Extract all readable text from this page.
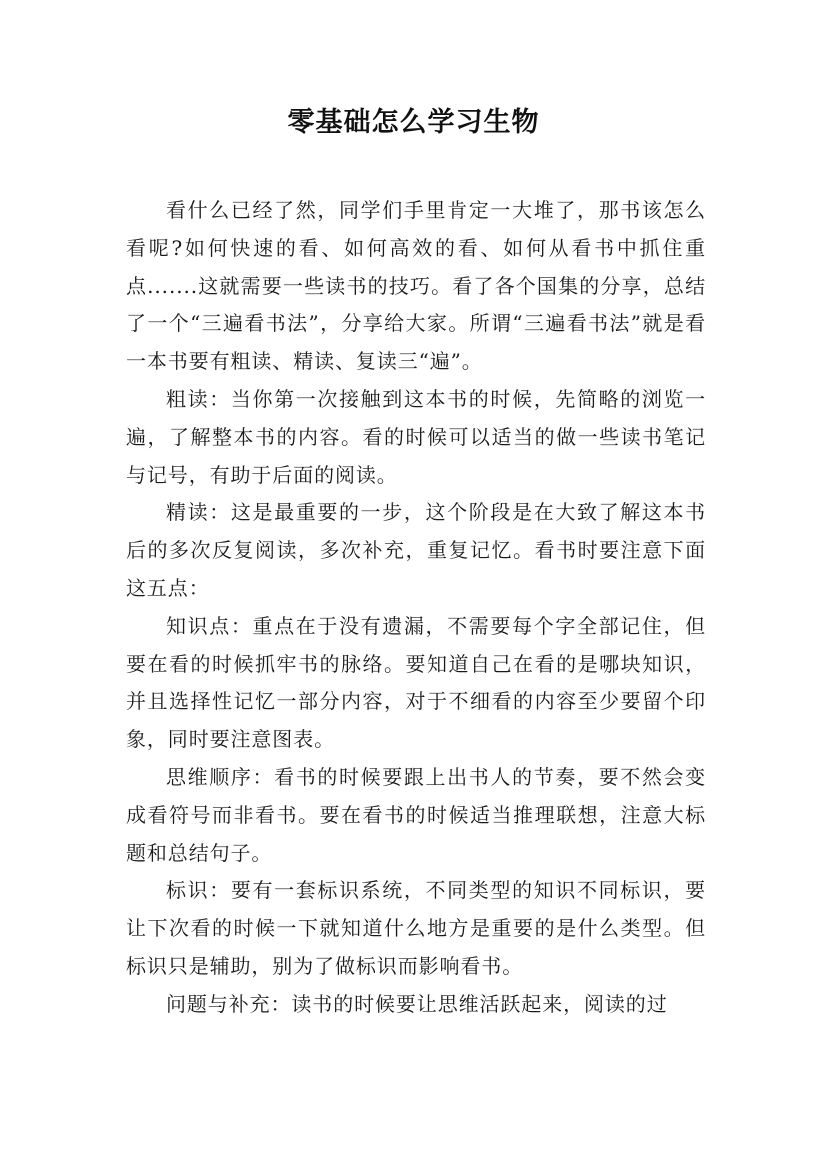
零基础怎么学习生物

看什么已经了然，同学们手里肯定一大堆了，那书该怎么看呢?如何快速的看、如何高效的看、如何从看书中抓住重点.......这就需要一些读书的技巧。看了各个国集的分享，总结了一个“三遍看书法”，分享给大家。所谓“三遍看书法”就是看一本书要有粗读、精读、复读三“遍”。

粗读：当你第一次接触到这本书的时候，先简略的浏览一遍，了解整本书的内容。看的时候可以适当的做一些读书笔记与记号，有助于后面的阅读。

精读：这是最重要的一步，这个阶段是在大致了解这本书后的多次反复阅读，多次补充，重复记忆。看书时要注意下面这五点：

知识点：重点在于没有遗漏，不需要每个字全部记住，但要在看的时候抓牢书的脉络。要知道自己在看的是哪块知识，并且选择性记忆一部分内容，对于不细看的内容至少要留个印象，同时要注意图表。

思维顺序：看书的时候要跟上出书人的节奏，要不然会变成看符号而非看书。要在看书的时候适当推理联想，注意大标题和总结句子。

标识：要有一套标识系统，不同类型的知识不同标识，要让下次看的时候一下就知道什么地方是重要的是什么类型。但标识只是辅助，别为了做标识而影响看书。

问题与补充：读书的时候要让思维活跃起来，阅读的过
